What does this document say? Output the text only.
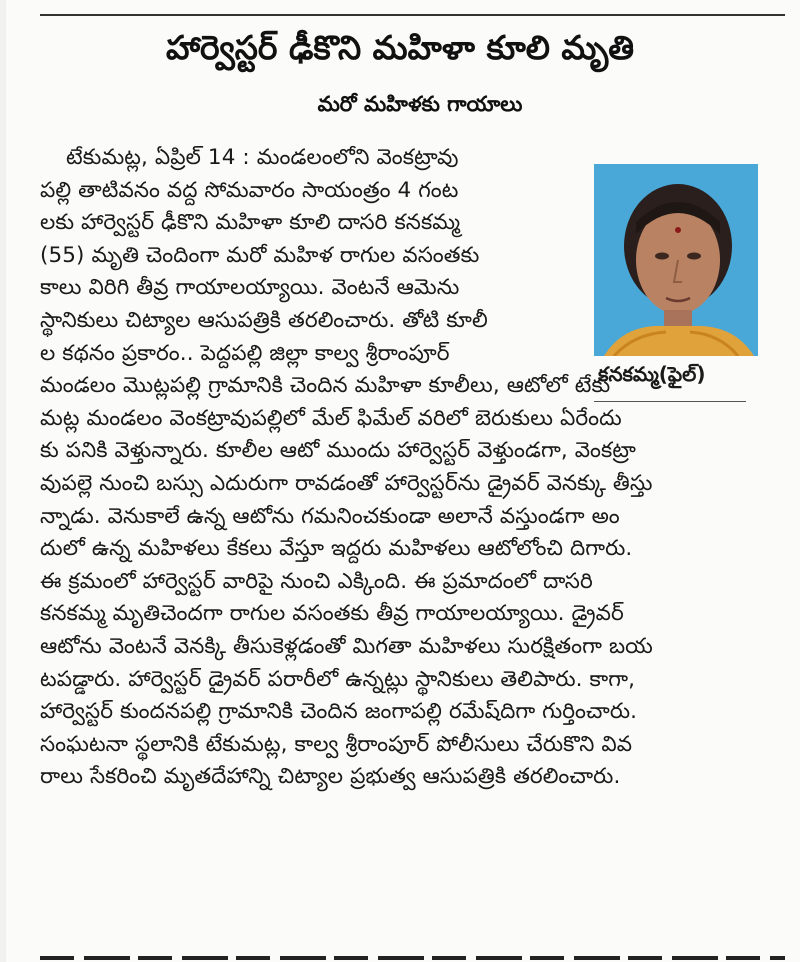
హార్వెస్టర్ ఢీకొని మహిళా కూలి మృతి
మరో మహిళకు గాయాలు
కనకమ్మ(ఫైల్)
టేకుమట్ల, ఏప్రిల్ 14 : మండలంలోని వెంకట్రావు
పల్లి తాటివనం వద్ద సోమవారం సాయంత్రం 4 గంట
లకు హార్వెస్టర్ ఢీకొని మహిళా కూలి దాసరి కనకమ్మ
(55) మృతి చెందింగా మరో మహిళ రాగుల వసంతకు
కాలు విరిగి తీవ్ర గాయాలయ్యాయి. వెంటనే ఆమెను
స్థానికులు చిట్యాల ఆసుపత్రికి తరలించారు. తోటి కూలీ
ల కథనం ప్రకారం.. పెద్దపల్లి జిల్లా కాల్వ శ్రీరాంపూర్
మండలం మొట్లపల్లి గ్రామానికి చెందిన మహిళా కూలీలు, ఆటోలో టేకు
మట్ల మండలం వెంకట్రావుపల్లిలో మేల్ ఫిమేల్ వరిలో బెరుకులు ఏరేందు
కు పనికి వెళ్తున్నారు. కూలీల ఆటో ముందు హార్వెస్టర్ వెళ్తుండగా, వెంకట్రా
వుపల్లె నుంచి బస్సు ఎదురుగా రావడంతో హార్వెస్టర్‌ను డ్రైవర్ వెనక్కు తీస్తు
న్నాడు. వెనుకాలే ఉన్న ఆటోను గమనించకుండా అలానే వస్తుండగా అం
దులో ఉన్న మహిళలు కేకలు వేస్తూ ఇద్దరు మహిళలు ఆటోలోంచి దిగారు.
ఈ క్రమంలో హార్వెస్టర్ వారిపై నుంచి ఎక్కింది. ఈ ప్రమాదంలో దాసరి
కనకమ్మ మృతిచెందగా రాగుల వసంతకు తీవ్ర గాయాలయ్యాయి. డ్రైవర్
ఆటోను వెంటనే వెనక్కి తీసుకెళ్లడంతో మిగతా మహిళలు సురక్షితంగా బయ
టపడ్డారు. హార్వెస్టర్ డ్రైవర్ పరారీలో ఉన్నట్లు స్థానికులు తెలిపారు. కాగా,
హార్వెస్టర్ కుందనపల్లి గ్రామానికి చెందిన జంగాపల్లి రమేష్‌దిగా గుర్తించారు.
సంఘటనా స్థలానికి టేకుమట్ల, కాల్వ శ్రీరాంపూర్ పోలీసులు చేరుకొని వివ
రాలు సేకరించి మృతదేహాన్ని చిట్యాల ప్రభుత్వ ఆసుపత్రికి తరలించారు.
